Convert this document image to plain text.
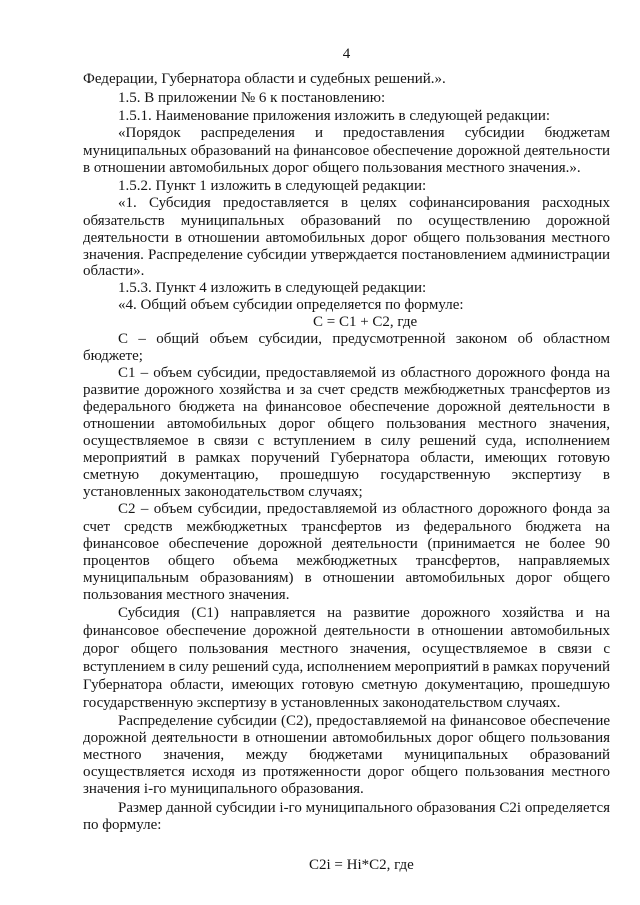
4
Федерации, Губернатора области и судебных решений.».
1.5. В приложении № 6 к постановлению:
1.5.1. Наименование приложения изложить в следующей редакции:
«Порядок распределения и предоставления субсидии бюджетам
муниципальных образований на финансовое обеспечение дорожной деятельности
в отношении автомобильных дорог общего пользования местного значения.».
1.5.2. Пункт 1 изложить в следующей редакции:
«1. Субсидия предоставляется в целях софинансирования расходных
обязательств муниципальных образований по осуществлению дорожной
деятельности в отношении автомобильных дорог общего пользования местного
значения. Распределение субсидии утверждается постановлением администрации
области».
1.5.3. Пункт 4 изложить в следующей редакции:
«4. Общий объем субсидии определяется по формуле:
С = С1 + С2, где
С – общий объем субсидии, предусмотренной законом об областном
бюджете;
С1 – объем субсидии, предоставляемой из областного дорожного фонда на
развитие дорожного хозяйства и за счет средств межбюджетных трансфертов из
федерального бюджета на финансовое обеспечение дорожной деятельности в
отношении автомобильных дорог общего пользования местного значения,
осуществляемое в связи с вступлением в силу решений суда, исполнением
мероприятий в рамках поручений Губернатора области, имеющих готовую
сметную документацию, прошедшую государственную экспертизу в
установленных законодательством случаях;
С2 – объем субсидии, предоставляемой из областного дорожного фонда за
счет средств межбюджетных трансфертов из федерального бюджета на
финансовое обеспечение дорожной деятельности (принимается не более 90
процентов общего объема межбюджетных трансфертов, направляемых
муниципальным образованиям) в отношении автомобильных дорог общего
пользования местного значения.
Субсидия (С1) направляется на развитие дорожного хозяйства и на
финансовое обеспечение дорожной деятельности в отношении автомобильных
дорог общего пользования местного значения, осуществляемое в связи с
вступлением в силу решений суда, исполнением мероприятий в рамках поручений
Губернатора области, имеющих готовую сметную документацию, прошедшую
государственную экспертизу в установленных законодательством случаях.
Распределение субсидии (С2), предоставляемой на финансовое обеспечение
дорожной деятельности в отношении автомобильных дорог общего пользования
местного значения, между бюджетами муниципальных образований
осуществляется исходя из протяженности дорог общего пользования местного
значения i-го муниципального образования.
Размер данной субсидии i-го муниципального образования С2i определяется
по формуле:
С2i = Hi*C2, где
